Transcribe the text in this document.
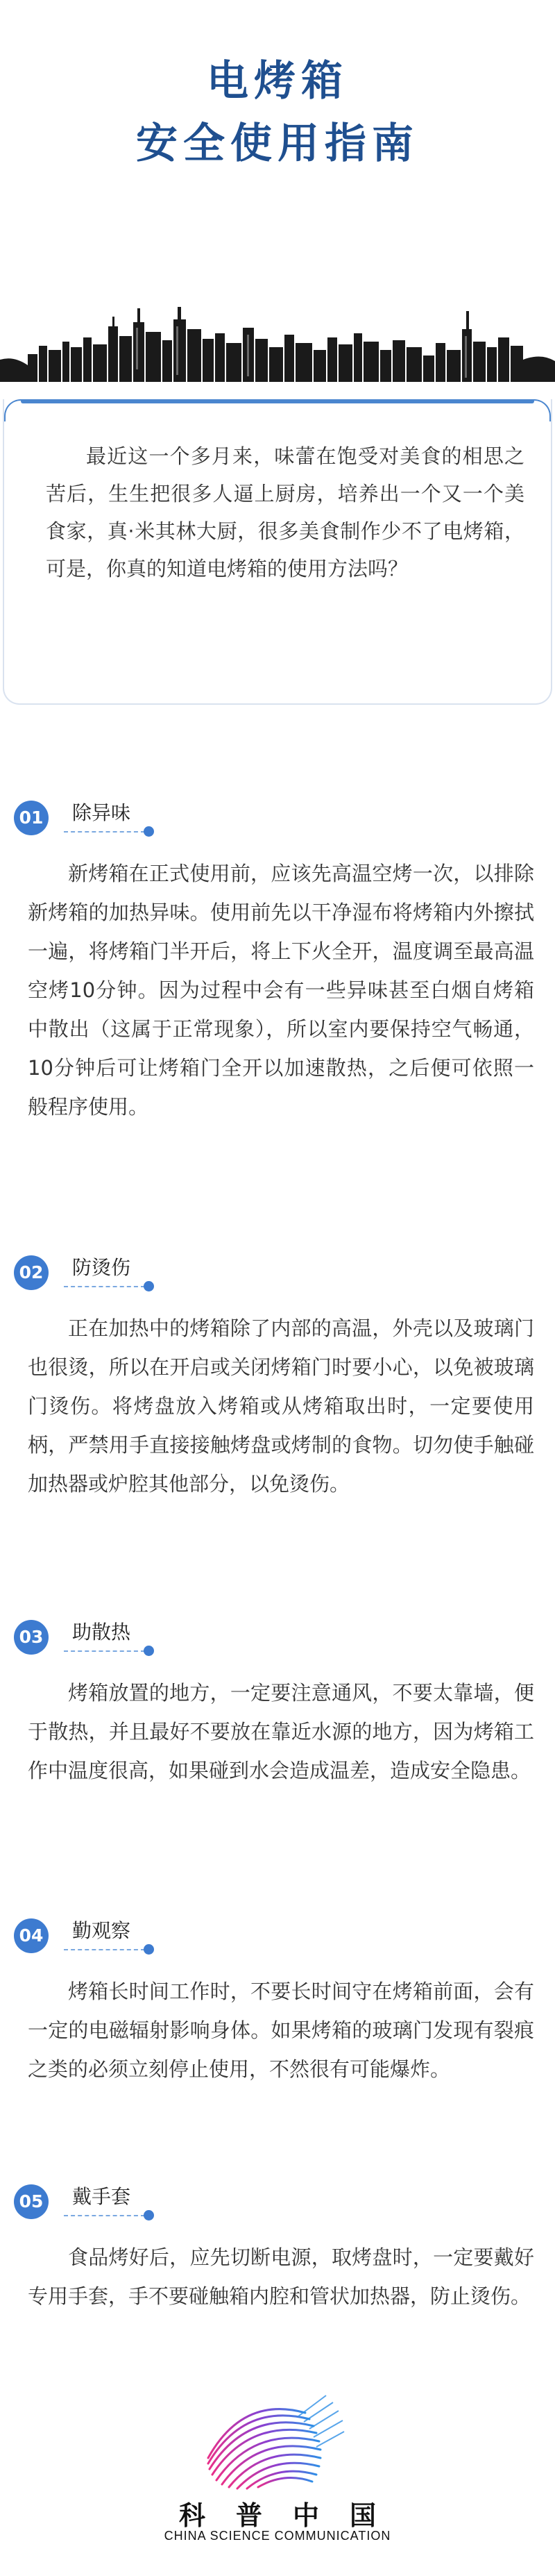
电烤箱
安全使用指南

最近这一个多月来，味蕾在饱受对美食的相思之苦后，生生把很多人逼上厨房，培养出一个又一个美食家，真·米其林大厨，很多美食制作少不了电烤箱，可是，你真的知道电烤箱的使用方法吗？

01 除异味

新烤箱在正式使用前，应该先高温空烤一次，以排除新烤箱的加热异味。使用前先以干净湿布将烤箱内外擦拭一遍，将烤箱门半开后，将上下火全开，温度调至最高温空烤10分钟。因为过程中会有一些异味甚至白烟自烤箱中散出（这属于正常现象），所以室内要保持空气畅通，10分钟后可让烤箱门全开以加速散热，之后便可依照一般程序使用。

02 防烫伤

正在加热中的烤箱除了内部的高温，外壳以及玻璃门也很烫，所以在开启或关闭烤箱门时要小心，以免被玻璃门烫伤。将烤盘放入烤箱或从烤箱取出时，一定要使用柄，严禁用手直接接触烤盘或烤制的食物。切勿使手触碰加热器或炉腔其他部分，以免烫伤。

03 助散热

烤箱放置的地方，一定要注意通风，不要太靠墙，便于散热，并且最好不要放在靠近水源的地方，因为烤箱工作中温度很高，如果碰到水会造成温差，造成安全隐患。

04 勤观察

烤箱长时间工作时，不要长时间守在烤箱前面，会有一定的电磁辐射影响身体。如果烤箱的玻璃门发现有裂痕之类的必须立刻停止使用，不然很有可能爆炸。

05 戴手套

食品烤好后，应先切断电源，取烤盘时，一定要戴好专用手套，手不要碰触箱内腔和管状加热器，防止烫伤。

科普中国
CHINA SCIENCE COMMUNICATION
